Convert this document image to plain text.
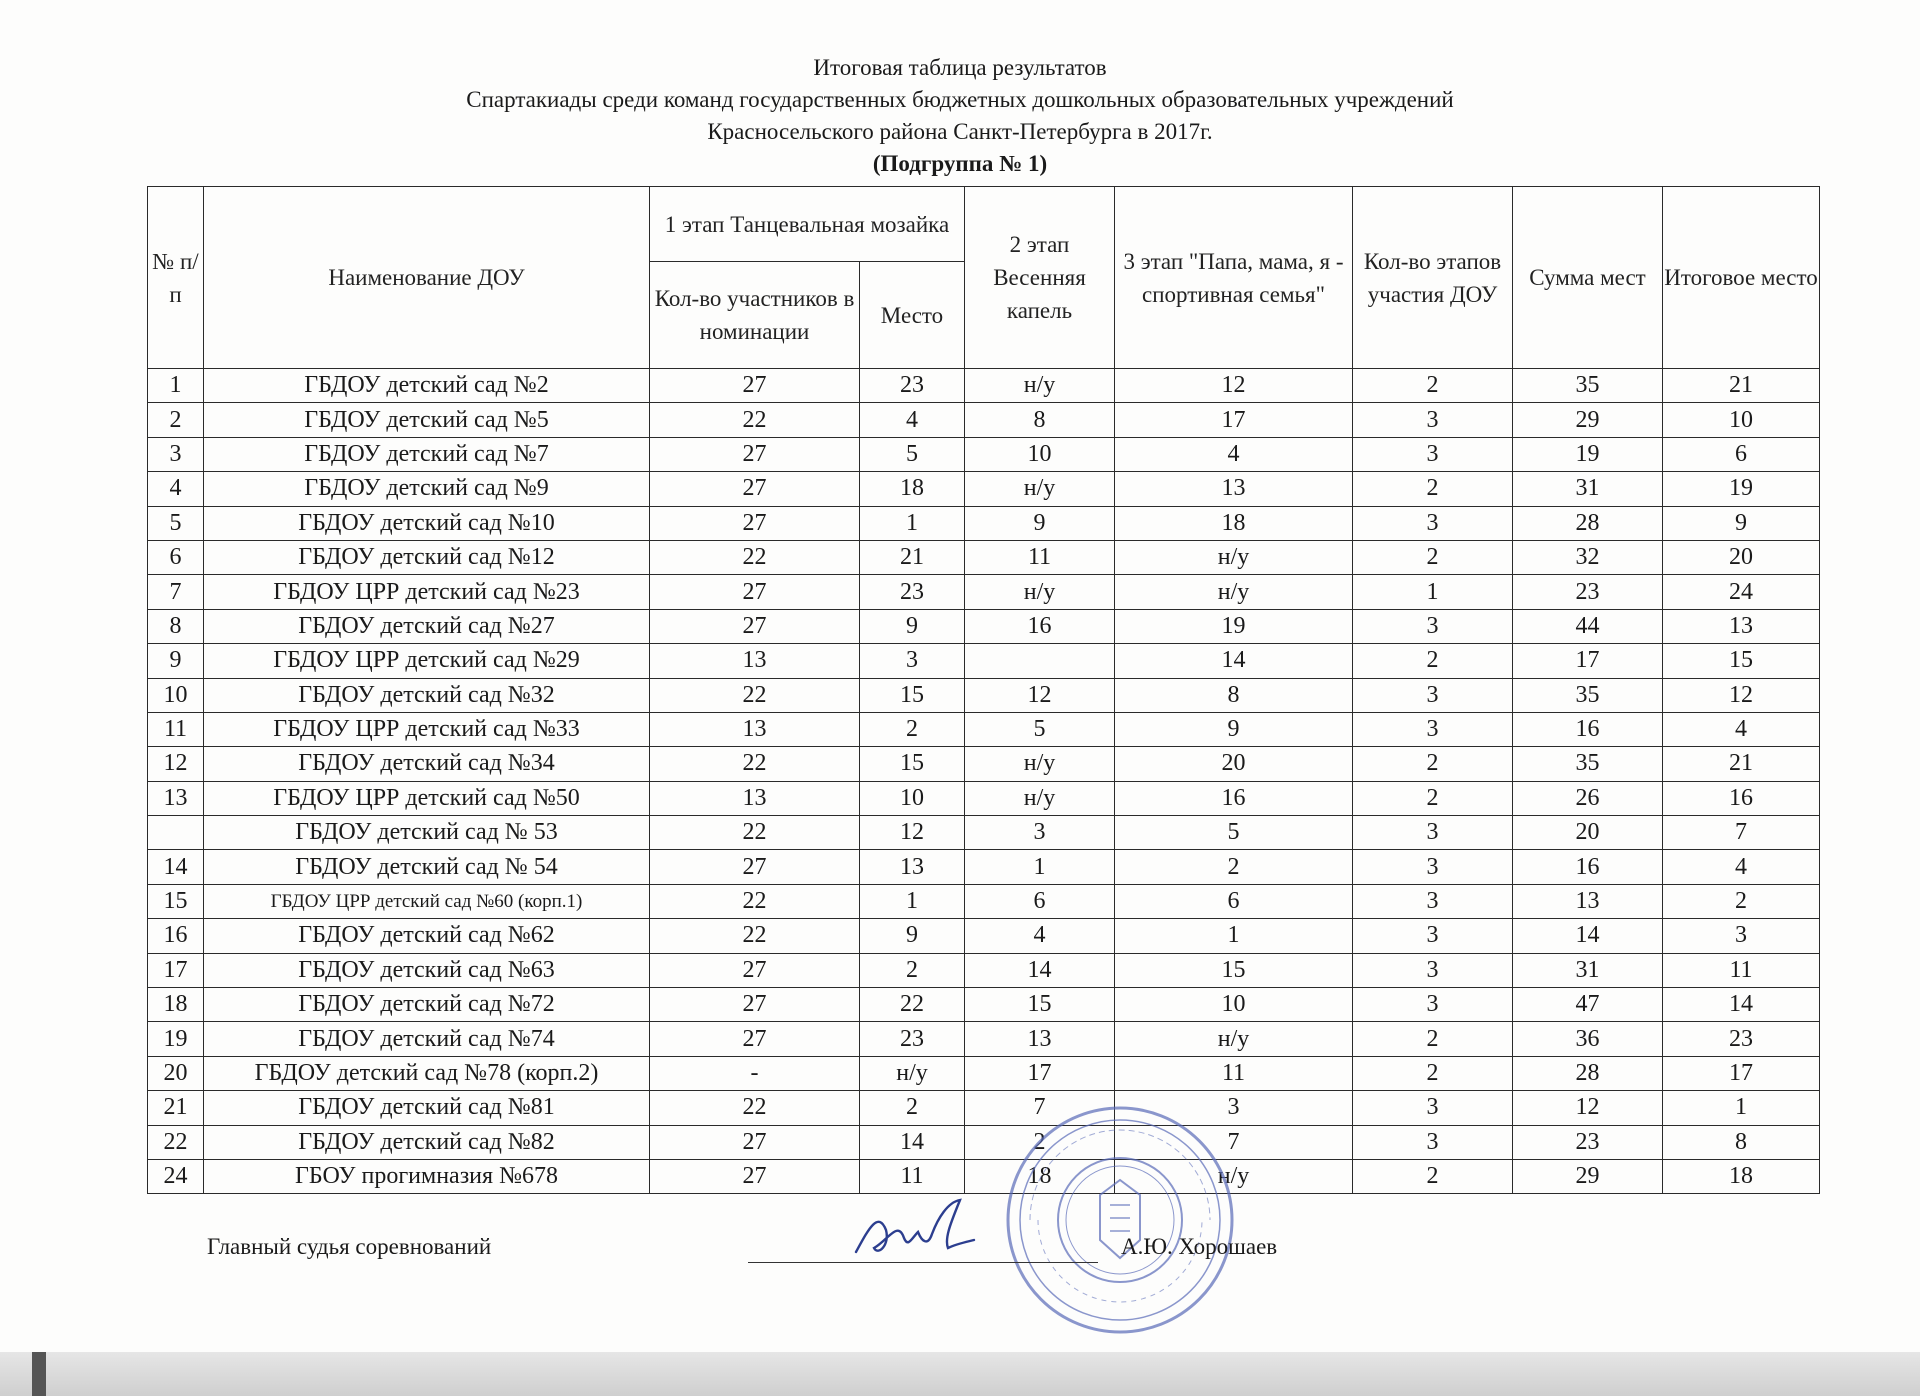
Итоговая таблица результатов
Спартакиады среди команд государственных бюджетных дошкольных образовательных учреждений
Красносельского района Санкт-Петербурга в 2017г.
(Подгруппа № 1)
№ п/п	Наименование ДОУ	1 этап Танцевальная мозайка		2 этап Весенняя капель	3 этап "Папа, мама, я - спортивная семья"	Кол-во этапов участия ДОУ	Сумма мест	Итоговое место
		Кол-во участников в номинации	Место					
1	ГБДОУ детский сад №2	27	23	н/у	12	2	35	21
2	ГБДОУ детский сад №5	22	4	8	17	3	29	10
3	ГБДОУ детский сад №7	27	5	10	4	3	19	6
4	ГБДОУ детский сад №9	27	18	н/у	13	2	31	19
5	ГБДОУ детский сад №10	27	1	9	18	3	28	9
6	ГБДОУ детский сад №12	22	21	11	н/у	2	32	20
7	ГБДОУ ЦРР детский сад №23	27	23	н/у	н/у	1	23	24
8	ГБДОУ детский сад №27	27	9	16	19	3	44	13
9	ГБДОУ ЦРР детский сад №29	13	3		14	2	17	15
10	ГБДОУ детский сад №32	22	15	12	8	3	35	12
11	ГБДОУ ЦРР детский сад №33	13	2	5	9	3	16	4
12	ГБДОУ детский сад №34	22	15	н/у	20	2	35	21
13	ГБДОУ ЦРР детский сад №50	13	10	н/у	16	2	26	16
	ГБДОУ детский сад № 53	22	12	3	5	3	20	7
14	ГБДОУ детский сад № 54	27	13	1	2	3	16	4
15	ГБДОУ ЦРР детский сад №60 (корп.1)	22	1	6	6	3	13	2
16	ГБДОУ детский сад №62	22	9	4	1	3	14	3
17	ГБДОУ детский сад №63	27	2	14	15	3	31	11
18	ГБДОУ детский сад №72	27	22	15	10	3	47	14
19	ГБДОУ детский сад №74	27	23	13	н/у	2	36	23
20	ГБДОУ детский сад №78 (корп.2)	-	н/у	17	11	2	28	17
21	ГБДОУ детский сад №81	22	2	7	3	3	12	1
22	ГБДОУ детский сад №82	27	14	2	7	3	23	8
24	ГБОУ прогимназия №678	27	11	18	н/у	2	29	18
Главный судья соревнований	А.Ю. Хорошаев
